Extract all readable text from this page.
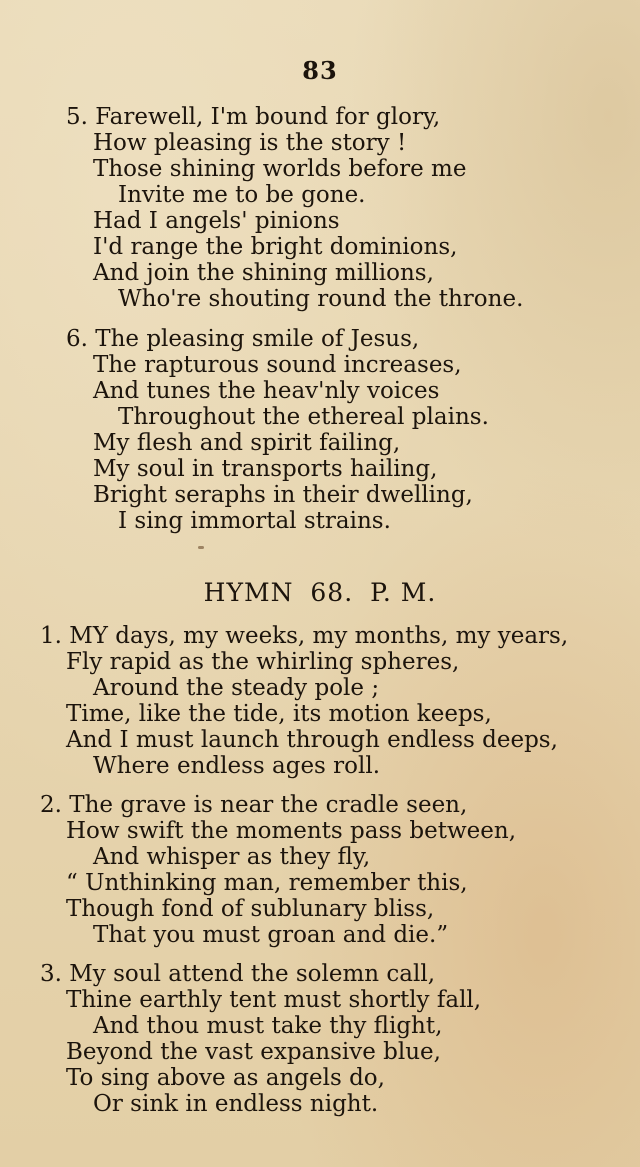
83
5. Farewell, I'm bound for glory,
How pleasing is the story !
Those shining worlds before me
Invite me to be gone.
Had I angels' pinions
I'd range the bright dominions,
And join the shining millions,
Who're shouting round the throne.
6. The pleasing smile of Jesus,
The rapturous sound increases,
And tunes the heav'nly voices
Throughout the ethereal plains.
My flesh and spirit failing,
My soul in transports hailing,
Bright seraphs in their dwelling,
I sing immortal strains.
HYMN 68. P. M.
1. MY days, my weeks, my months, my years,
Fly rapid as the whirling spheres,
Around the steady pole ;
Time, like the tide, its motion keeps,
And I must launch through endless deeps,
Where endless ages roll.
2. The grave is near the cradle seen,
How swift the moments pass between,
And whisper as they fly,
“ Unthinking man, remember this,
Though fond of sublunary bliss,
That you must groan and die.”
3. My soul attend the solemn call,
Thine earthly tent must shortly fall,
And thou must take thy flight,
Beyond the vast expansive blue,
To sing above as angels do,
Or sink in endless night.
